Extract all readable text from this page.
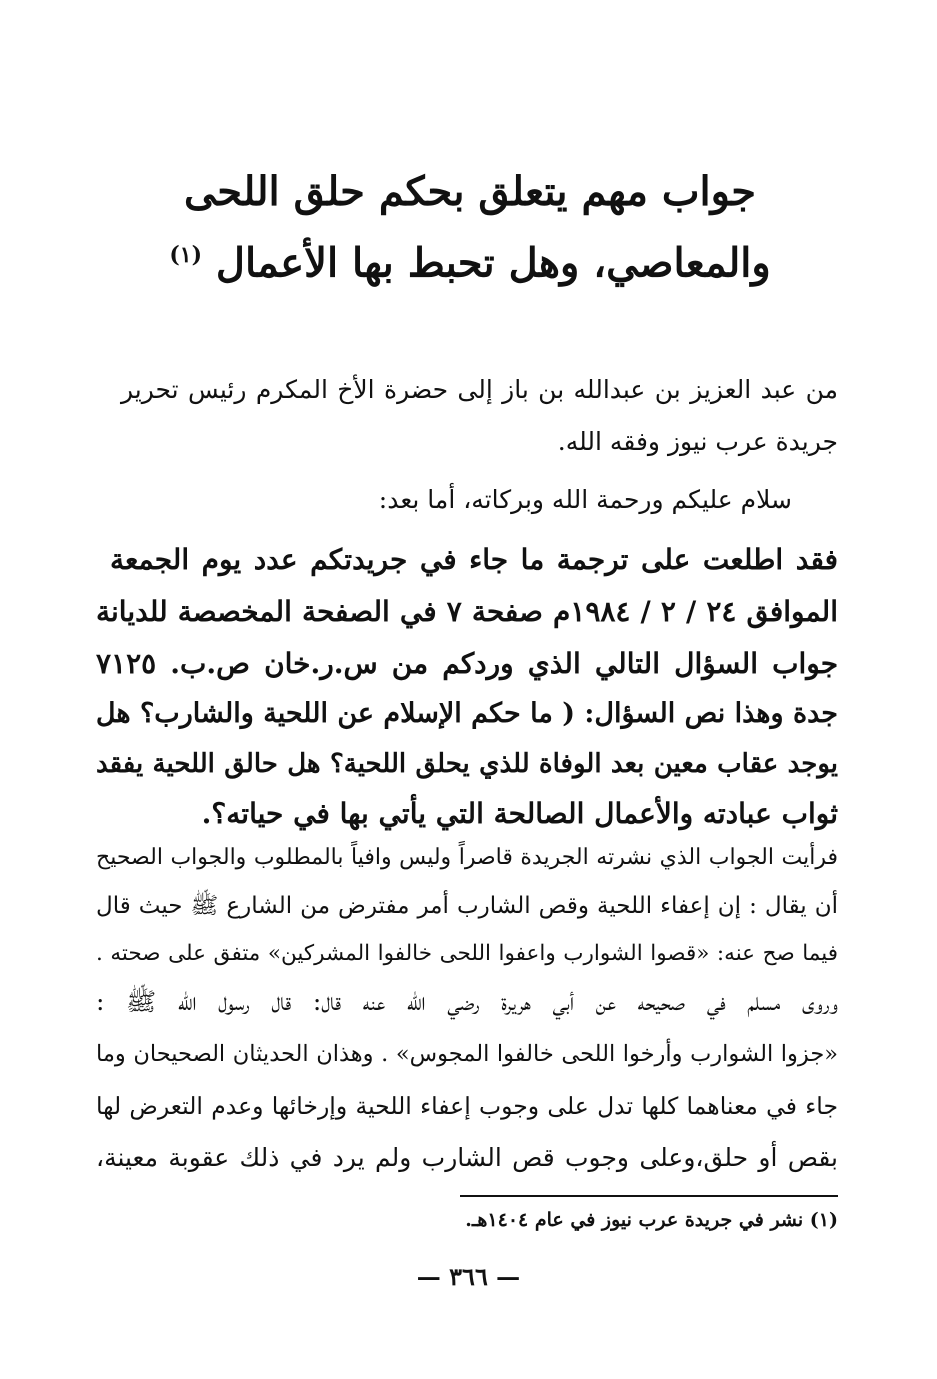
جواب مهم يتعلق بحكم حلق اللحى
والمعاصي، وهل تحبط بها الأعمال $^{(١)}$
من عبد العزيز بن عبدالله بن باز إلى حضرة الأخ المكرم رئيس تحرير
جريدة عرب نيوز وفقه الله.
سلام عليكم ورحمة الله وبركاته، أما بعد:
فقد اطلعت على ترجمة ما جاء في جريدتكم عدد يوم الجمعة
الموافق ٢٤ / ٢ / ١٩٨٤م صفحة ٧ في الصفحة المخصصة للديانة
جواب السؤال التالي الذي وردكم من س.ر.خان ص.ب. ٧١٢٥
جدة وهذا نص السؤال: ( ما حكم الإسلام عن اللحية والشارب؟ هل
يوجد عقاب معين بعد الوفاة للذي يحلق اللحية؟ هل حالق اللحية يفقد
ثواب عبادته والأعمال الصالحة التي يأتي بها في حياته؟.
فرأيت الجواب الذي نشرته الجريدة قاصراً وليس وافياً بالمطلوب والجواب الصحيح
أن يقال : إن إعفاء اللحية وقص الشارب أمر مفترض من الشارع ﷺ حيث قال
فيما صح عنه: «قصوا الشوارب واعفوا اللحى خالفوا المشركين» متفق على صحته .
وروى مسلم في صحيحه عن أبي هريرة رضي الله عنه قال: قال رسول الله ﷺ :
«جزوا الشوارب وأرخوا اللحى خالفوا المجوس» . وهذان الحديثان الصحيحان وما
جاء في معناهما كلها تدل على وجوب إعفاء اللحية وإرخائها وعدم التعرض لها
بقص أو حلق،وعلى وجوب قص الشارب ولم يرد في ذلك عقوبة معينة،
(١) نشر في جريدة عرب نيوز في عام ١٤٠٤هـ.
— ٣٦٦ —
